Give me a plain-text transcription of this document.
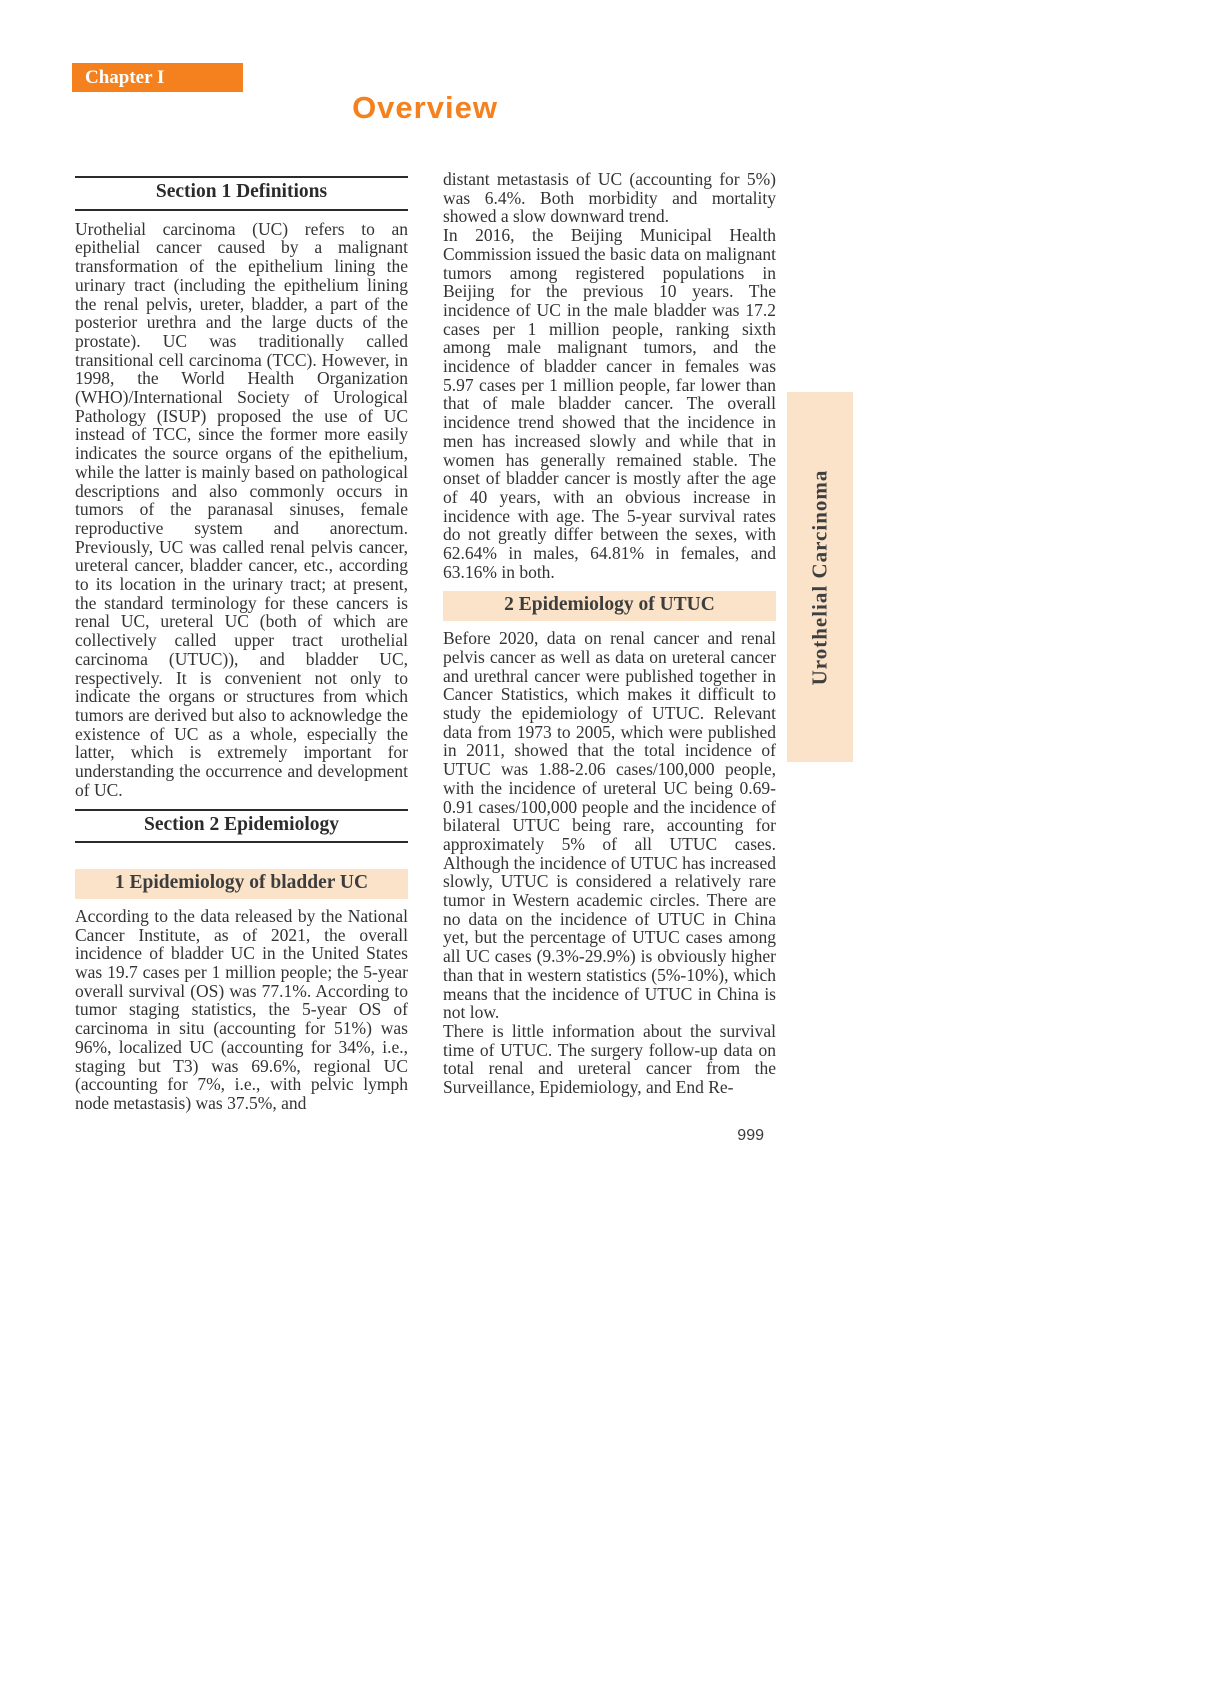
Chapter I
Overview
Section 1 Definitions

Urothelial carcinoma (UC) refers to an epithelial cancer caused by a malignant transformation of the epithelium lining the urinary tract (including the epithelium lining the renal pelvis, ureter, bladder, a part of the posterior urethra and the large ducts of the prostate). UC was traditionally called transitional cell carcinoma (TCC). However, in 1998, the World Health Organization (WHO)/International Society of Urological Pathology (ISUP) proposed the use of UC instead of TCC, since the former more easily indicates the source organs of the epithelium, while the latter is mainly based on pathological descriptions and also commonly occurs in tumors of the paranasal sinuses, female reproductive system and anorectum. Previously, UC was called renal pelvis cancer, ureteral cancer, bladder cancer, etc., according to its location in the urinary tract; at present, the standard terminology for these cancers is renal UC, ureteral UC (both of which are collectively called upper tract urothelial carcinoma (UTUC)), and bladder UC, respectively. It is convenient not only to indicate the organs or structures from which tumors are derived but also to acknowledge the existence of UC as a whole, especially the latter, which is extremely important for understanding the occurrence and development of UC.

Section 2 Epidemiology
1 Epidemiology of bladder UC

According to the data released by the National Cancer Institute, as of 2021, the overall incidence of bladder UC in the United States was 19.7 cases per 1 million people; the 5-year overall survival (OS) was 77.1%. According to tumor staging statistics, the 5-year OS of carcinoma in situ (accounting for 51%) was 96%, localized UC (accounting for 34%, i.e., staging but T3) was 69.6%, regional UC (accounting for 7%, i.e., with pelvic lymph node metastasis) was 37.5%, and

distant metastasis of UC (accounting for 5%) was 6.4%. Both morbidity and mortality showed a slow downward trend.

In 2016, the Beijing Municipal Health Commission issued the basic data on malignant tumors among registered populations in Beijing for the previous 10 years. The incidence of UC in the male bladder was 17.2 cases per 1 million people, ranking sixth among male malignant tumors, and the incidence of bladder cancer in females was 5.97 cases per 1 million people, far lower than that of male bladder cancer. The overall incidence trend showed that the incidence in men has increased slowly and while that in women has generally remained stable. The onset of bladder cancer is mostly after the age of 40 years, with an obvious increase in incidence with age. The 5-year survival rates do not greatly differ between the sexes, with 62.64% in males, 64.81% in females, and 63.16% in both.

2 Epidemiology of UTUC

Before 2020, data on renal cancer and renal pelvis cancer as well as data on ureteral cancer and urethral cancer were published together in Cancer Statistics, which makes it difficult to study the epidemiology of UTUC. Relevant data from 1973 to 2005, which were published in 2011, showed that the total incidence of UTUC was 1.88-2.06 cases/100,000 people, with the incidence of ureteral UC being 0.69-0.91 cases/100,000 people and the incidence of bilateral UTUC being rare, accounting for approximately 5% of all UTUC cases. Although the incidence of UTUC has increased slowly, UTUC is considered a relatively rare tumor in Western academic circles. There are no data on the incidence of UTUC in China yet, but the percentage of UTUC cases among all UC cases (9.3%-29.9%) is obviously higher than that in western statistics (5%-10%), which means that the incidence of UTUC in China is not low.

There is little information about the survival time of UTUC. The surgery follow-up data on total renal and ureteral cancer from the Surveillance, Epidemiology, and End Re-

Urothelial Carcinoma
999
